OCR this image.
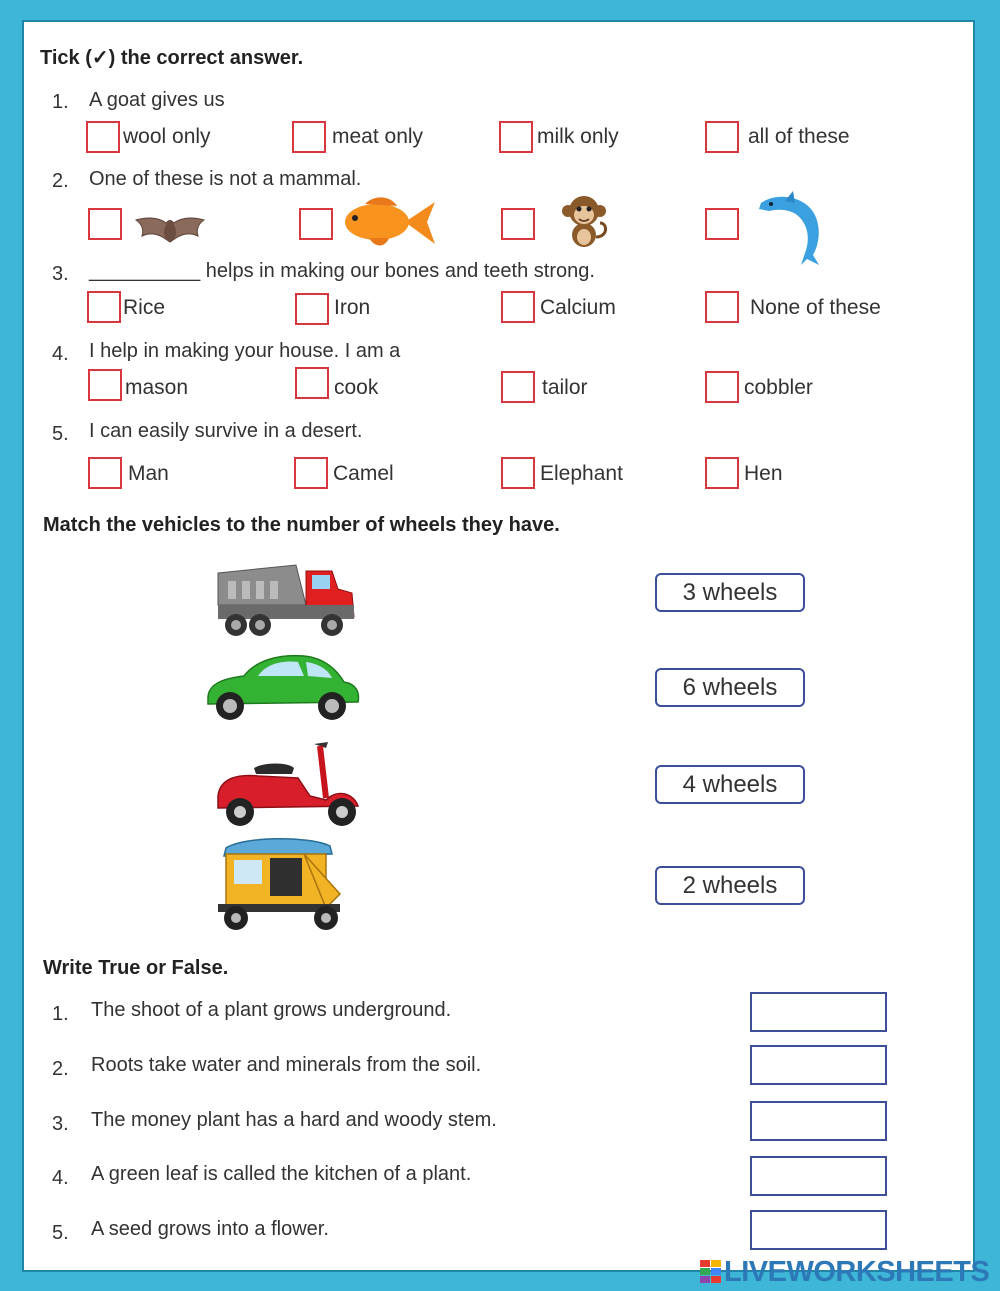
Tick (✓) the correct answer.
1. A goat gives us
wool only	meat only	milk only	all of these
2. One of these is not a mammal.
3. __________ helps in making our bones and teeth strong.
Rice	Iron	Calcium	None of these
4. I help in making your house. I am a
mason	cook	tailor	cobbler
5. I can easily survive in a desert.
Man	Camel	Elephant	Hen
Match the vehicles to the number of wheels they have.
3 wheels
6 wheels
4 wheels
2 wheels
Write True or False.
1. The shoot of a plant grows underground.
2. Roots take water and minerals from the soil.
3. The money plant has a hard and woody stem.
4. A green leaf is called the kitchen of a plant.
5. A seed grows into a flower.
LIVEWORKSHEETS
